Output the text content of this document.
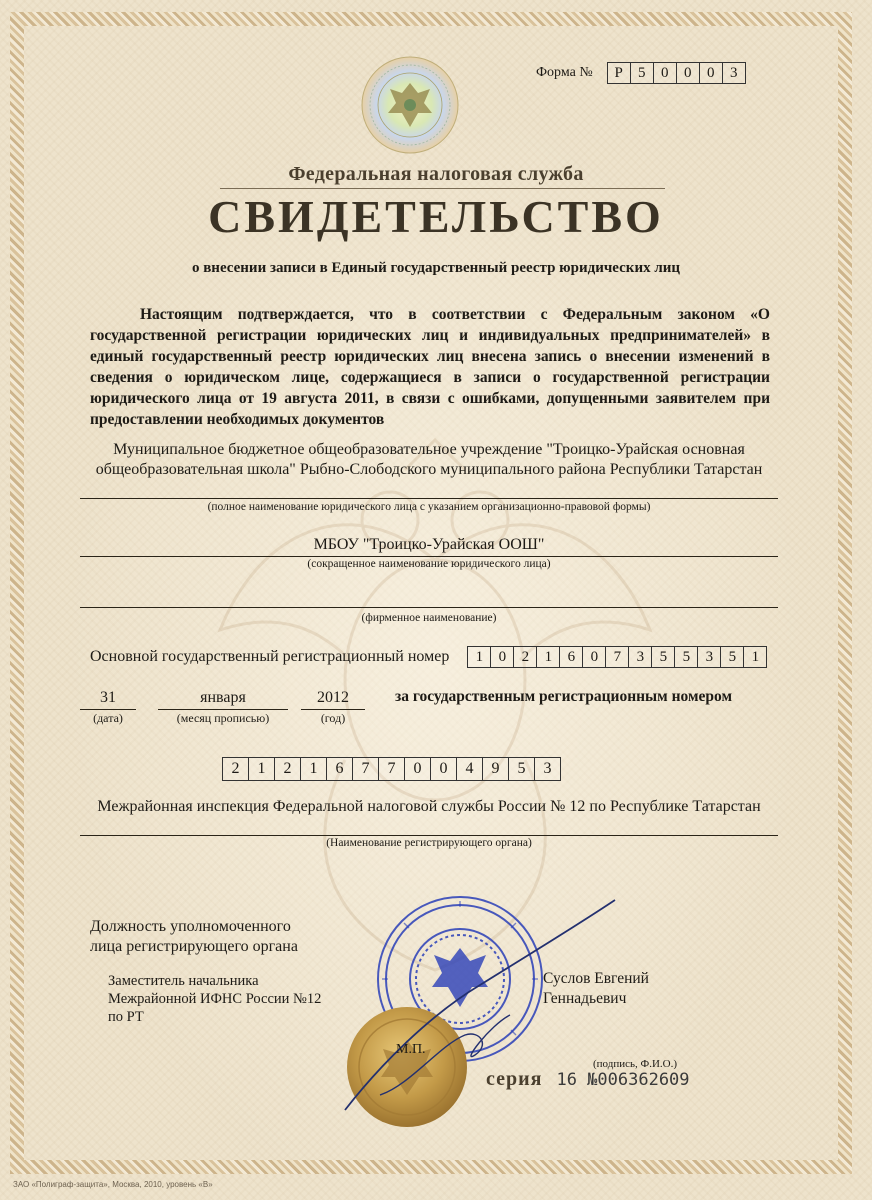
Форма №	Р	5	0	0	0	3
Федеральная налоговая служба
СВИДЕТЕЛЬСТВО
о внесении записи в Единый государственный реестр юридических лиц
Настоящим подтверждается, что в соответствии с Федеральным законом «О государственной регистрации юридических лиц и индивидуальных предпринимателей» в единый государственный реестр юридических лиц внесена запись о внесении изменений в сведения о юридическом лице, содержащиеся в записи о государственной регистрации юридического лица от 19 августа 2011, в связи с ошибками, допущенными заявителем при предоставлении необходимых документов
Муниципальное бюджетное общеобразовательное учреждение "Троицко-Урайская основная общеобразовательная школа" Рыбно-Слободского муниципального района Республики Татарстан
(полное наименование юридического лица с указанием организационно-правовой формы)
МБОУ "Троицко-Урайская ООШ"
(сокращенное наименование юридического лица)
(фирменное наименование)
Основной государственный регистрационный номер	1	0	2	1	6	0	7	3	5	5	3	5	1
31
(дата)
января
(месяц прописью)
2012
(год)
за государственным регистрационным номером
2	1	2	1	6	7	7	0	0	4	9	5	3
Межрайонная инспекция Федеральной налоговой службы России № 12 по Республике Татарстан
(Наименование регистрирующего органа)
Должность уполномоченного
лица регистрирующего органа
Заместитель начальника
Межрайонной ИФНС России №12
по РТ
Суслов Евгений
Геннадьевич
М.П.
(подпись, Ф.И.О.)
серия 16 №006362609
ЗАО «Полиграф-защита», Москва, 2010, уровень «В»
